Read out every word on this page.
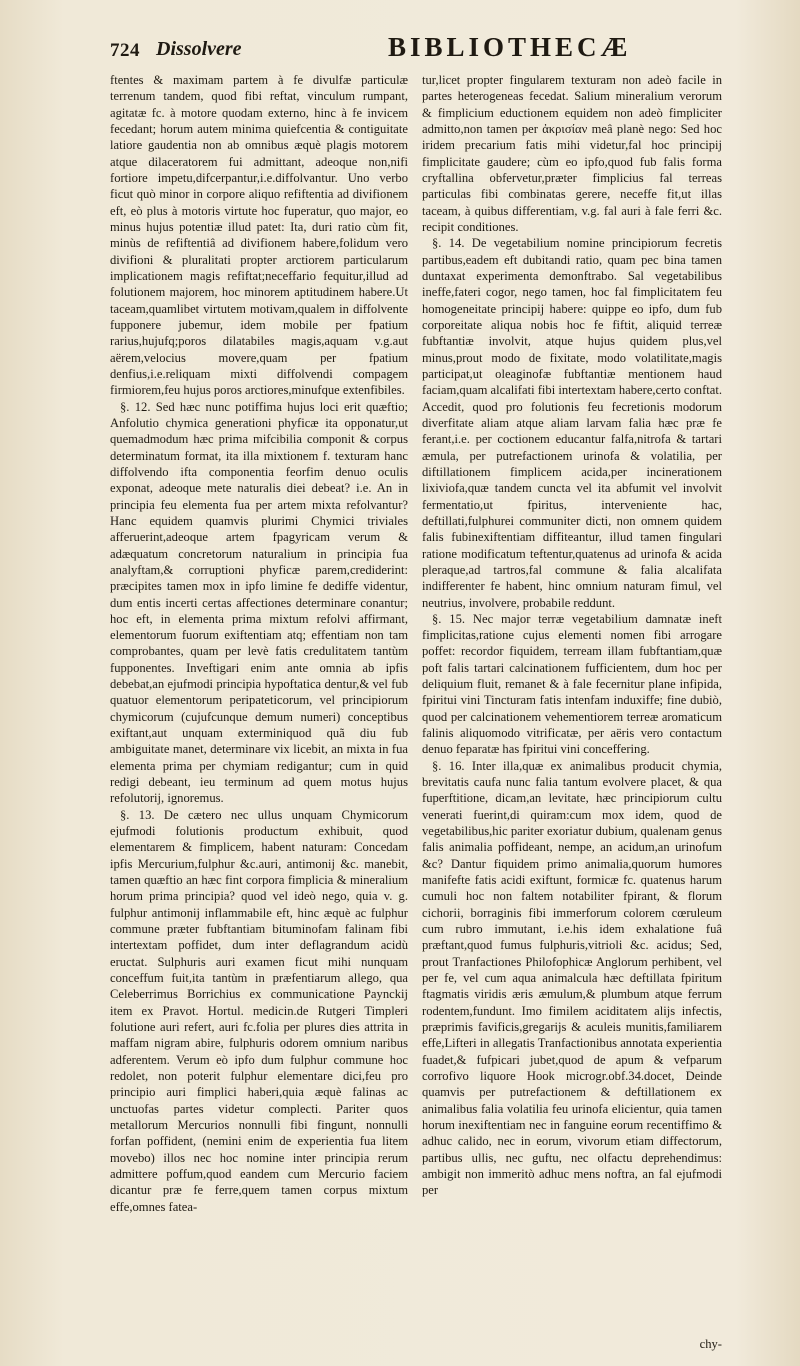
724 Dissolvere	BIBLIOTHECÆ

ftentes & maximam partem à fe divulfæ particulæ terrenum tandem, quod fibi reftat, vinculum rumpant, agitatæ fc. à motore quodam externo, hinc à fe invicem fecedant; horum autem minima quiefcentia & contiguitate latiore gaudentia non ab omnibus æquè plagis motorem atque dilaceratorem fui admittant, adeoque non,nifi fortiore impetu,difcerpantur,i.e.diffolvantur. Uno verbo ficut quò minor in corpore aliquo refiftentia ad divifionem eft, eò plus à motoris virtute hoc fuperatur, quo major, eo minus hujus potentiæ illud patet: Ita, duri ratio cùm fit, minùs de refiftentiâ ad divifionem habere,folidum vero divifioni & pluralitati propter arctiorem particularum implicationem magis refiftat;neceffario fequitur,illud ad folutionem majorem, hoc minorem aptitudinem habere.Ut taceam,quamlibet virtutem motivam,qualem in diffolvente fupponere jubemur, idem mobile per fpatium rarius,hujufq;poros dilatabiles magis,aquam v.g.aut aërem,velocius movere,quam per fpatium denfius,i.e.reliquam mixti diffolvendi compagem firmiorem,feu hujus poros arctiores,minufque extenfibiles.

§. 12. Sed hæc nunc potiffima hujus loci erit quæftio; Anfolutio chymica generationi phyficæ ita opponatur,ut quemadmodum hæc prima mifcibilia componit & corpus determinatum format, ita illa mixtionem f. texturam hanc diffolvendo ifta componentia feorfim denuo oculis exponat, adeoque mete naturalis diei debeat? i.e. An in principia feu elementa fua per artem mixta refolvantur? Hanc equidem quamvis plurimi Chymici triviales afferuerint,adeoque artem fpagyricam verum & adæquatum concretorum naturalium in principia fua analyftam,& corruptioni phyficæ parem,crediderint: præcipites tamen mox in ipfo limine fe dediffe videntur, dum entis incerti certas affectiones determinare conantur; hoc eft, in elementa prima mixtum refolvi affirmant, elementorum fuorum exiftentiam atq; effentiam non tam comprobantes, quam per levè fatis credulitatem tantùm fupponentes. Inveftigari enim ante omnia ab ipfis debebat,an ejufmodi principia hypoftatica dentur,& vel fub quatuor elementorum peripateticorum, vel principiorum chymicorum (cujufcunque demum numeri) conceptibus exiftant,aut unquam exterminiquod quã diu fub ambiguitate manet, determinare vix licebit, an mixta in fua elementa prima per chymiam redigantur; cum in quid redigi debeant, ieu terminum ad quem motus hujus refolutorij, ignoremus.

§. 13. De cætero nec ullus unquam Chymicorum ejufmodi folutionis productum exhibuit, quod elementarem & fimplicem, habent naturam: Concedam ipfis Mercurium,fulphur &c.auri, antimonij &c. manebit, tamen quæftio an hæc fint corpora fimplicia & mineralium horum prima principia? quod vel ideò nego, quia v. g. fulphur antimonij inflammabile eft, hinc æquè ac fulphur commune præter fubftantiam bituminofam falinam fibi intertextam poffidet, dum inter deflagrandum acidù eructat. Sulphuris auri examen ficut mihi nunquam conceffum fuit,ita tantùm in præfentiarum allego, qua Celeberrimus Borrichius ex communicatione Paynckij item ex Pravot. Hortul. medicin.de Rutgeri Timpleri folutione auri refert, auri fc.folia per plures dies attrita in maffam nigram abire, fulphuris odorem omnium naribus adferentem. Verum eò ipfo dum fulphur commune hoc redolet, non poterit fulphur elementare dici,feu pro principio auri fimplici haberi,quia æquè falinas ac unctuofas partes videtur complecti. Pariter quos metallorum Mercurios nonnulli fibi fingunt, nonnulli forfan poffident, (nemini enim de experientia fua litem movebo) illos nec hoc nomine inter principia rerum admittere poffum,quod eandem cum Mercurio faciem dicantur præ fe ferre,quem tamen corpus mixtum effe,omnes fatea-

tur,licet propter fingularem texturam non adeò facile in partes heterogeneas fecedat. Salium mineralium verorum & fimplicium eductionem equidem non adeò fimpliciter admitto,non tamen per ἀκρισίαν meâ planè nego: Sed hoc iridem precarium fatis mihi videtur,fal hoc principij fimplicitate gaudere; cùm eo ipfo,quod fub falis forma cryftallina obfervetur,præter fimplicius fal terreas particulas fibi combinatas gerere, neceffe fit,ut illas taceam, à quibus differentiam, v.g. fal auri à fale ferri &c. recipit conditiones.

§. 14. De vegetabilium nomine principiorum fecretis partibus,eadem eft dubitandi ratio, quam pec bina tamen duntaxat experimenta demonftrabo. Sal vegetabilibus ineffe,fateri cogor, nego tamen, hoc fal fimplicitatem feu homogeneitate principij habere: quippe eo ipfo, dum fub corporeitate aliqua nobis hoc fe fiftit, aliquid terreæ fubftantiæ involvit, atque hujus quidem plus,vel minus,prout modo de fixitate, modo volatilitate,magis participat,ut oleaginofæ fubftantiæ mentionem haud faciam,quam alcalifati fibi intertextam habere,certo conftat. Accedit, quod pro folutionis feu fecretionis modorum diverfitate aliam atque aliam larvam falia hæc præ fe ferant,i.e. per coctionem educantur falfa,nitrofa & tartari æmula, per putrefactionem urinofa & volatilia, per diftillationem fimplicem acida,per incinerationem lixiviofa,quæ tandem cuncta vel ita abfumit vel involvit fermentatio,ut fpiritus, interveniente hac, deftillati,fulphurei communiter dicti, non omnem quidem falis fubinexiftentiam diffiteantur, illud tamen fingulari ratione modificatum teftentur,quatenus ad urinofa & acida pleraque,ad tartros,fal commune & falia alcalifata indifferenter fe habent, hinc omnium naturam fimul, vel neutrius, involvere, probabile reddunt.

§. 15. Nec major terræ vegetabilium damnatæ ineft fimplicitas,ratione cujus elementi nomen fibi arrogare poffet: recordor fiquidem, terream illam fubftantiam,quæ poft falis tartari calcinationem fufficientem, dum hoc per deliquium fluit, remanet & à fale fecernitur plane infipida, fpiritui vini Tincturam fatis intenfam induxiffe; fine dubiò, quod per calcinationem vehementiorem terreæ aromaticum falinis aliquomodo vitrificatæ, per aëris vero contactum denuo feparatæ has fpiritui vini conceffering.

§. 16. Inter illa,quæ ex animalibus producit chymia, brevitatis caufa nunc falia tantum evolvere placet, & qua fuperftitione, dicam,an levitate, hæc principiorum cultu venerati fuerint,di quiram:cum mox idem, quod de vegetabilibus,hic pariter exoriatur dubium, qualenam genus falis animalia poffideant, nempe, an acidum,an urinofum &c? Dantur fiquidem primo animalia,quorum humores manifefte fatis acidi exiftunt, formicæ fc. quatenus harum cumuli hoc non faltem notabiliter fpirant, & florum cichorii, borraginis fibi immerforum colorem cœruleum cum rubro immutant, i.e.his idem exhalatione fuâ præftant,quod fumus fulphuris,vitrioli &c. acidus; Sed, prout Tranfactiones Philofophicæ Anglorum perhibent, vel per fe, vel cum aqua animalcula hæc deftillata fpiritum ftagmatis viridis æris æmulum,& plumbum atque ferrum rodentem,fundunt. Imo fimilem aciditatem alijs infectis, præprimis favificis,gregarijs & aculeis munitis,familiarem effe,Lifteri in allegatis Tranfactionibus annotata experientia fuadet,& fufpicari jubet,quod de apum & vefparum corrofivo liquore Hook microgr.obf.34.docet, Deinde quamvis per putrefactionem & deftillationem ex animalibus falia volatilia feu urinofa elicientur, quia tamen horum inexiftentiam nec in fanguine eorum recentiffimo & adhuc calido, nec in eorum, vivorum etiam diffectorum, partibus ullis, nec guftu, nec olfactu deprehendimus: ambigit non immeritò adhuc mens noftra, an fal ejufmodi per

chy-
